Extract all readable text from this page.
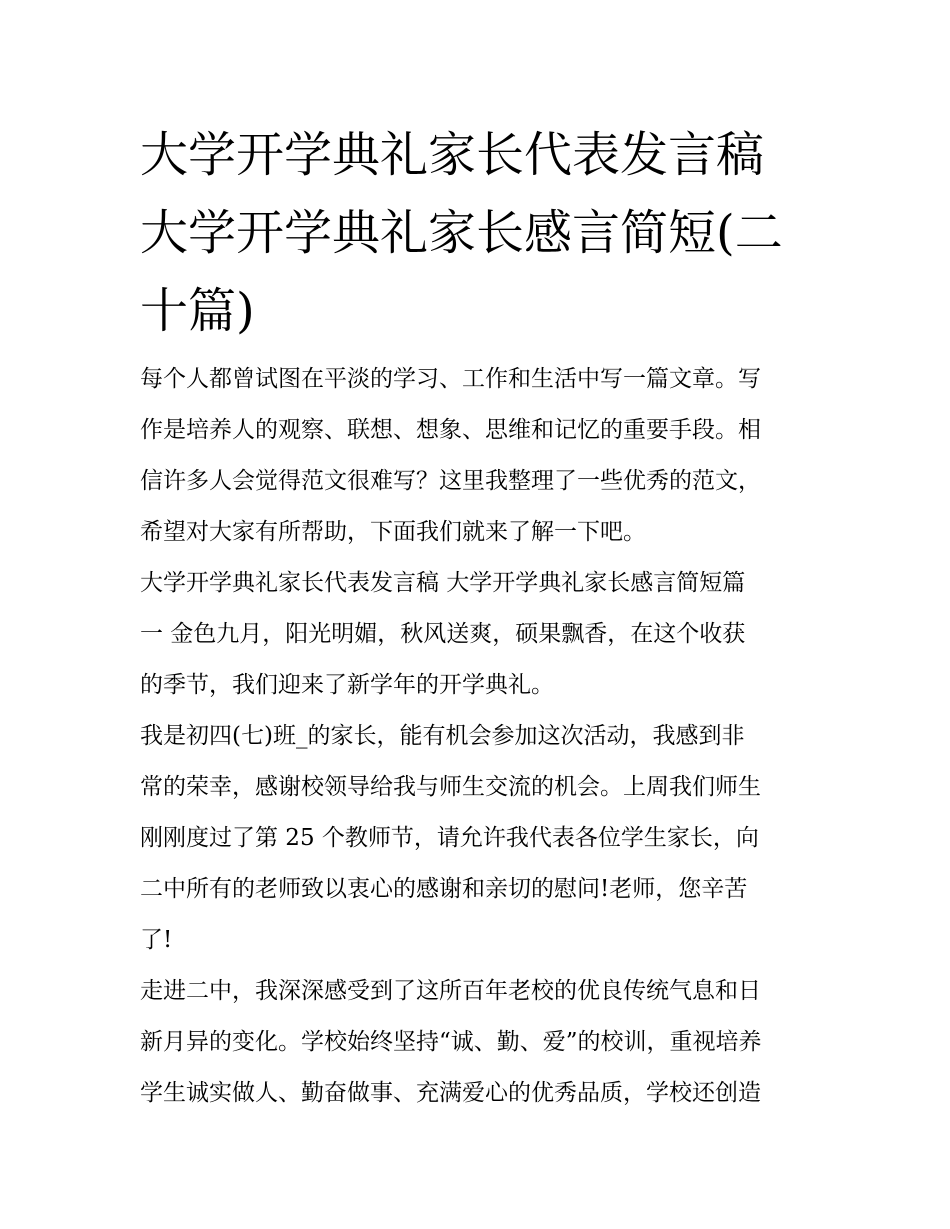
大学开学典礼家长代表发言稿
大学开学典礼家长感言简短(二
十篇)

每个人都曾试图在平淡的学习、工作和生活中写一篇文章。写
作是培养人的观察、联想、想象、思维和记忆的重要手段。相
信许多人会觉得范文很难写？这里我整理了一些优秀的范文，
希望对大家有所帮助，下面我们就来了解一下吧。

大学开学典礼家长代表发言稿 大学开学典礼家长感言简短篇
一 金色九月，阳光明媚，秋风送爽，硕果飘香，在这个收获
的季节，我们迎来了新学年的开学典礼。

我是初四(七)班_的家长，能有机会参加这次活动，我感到非
常的荣幸，感谢校领导给我与师生交流的机会。上周我们师生
刚刚度过了第 25 个教师节，请允许我代表各位学生家长，向
二中所有的老师致以衷心的感谢和亲切的慰问!老师，您辛苦
了!

走进二中，我深深感受到了这所百年老校的优良传统气息和日
新月异的变化。学校始终坚持“诚、勤、爱”的校训，重视培养
学生诚实做人、勤奋做事、充满爱心的优秀品质，学校还创造
